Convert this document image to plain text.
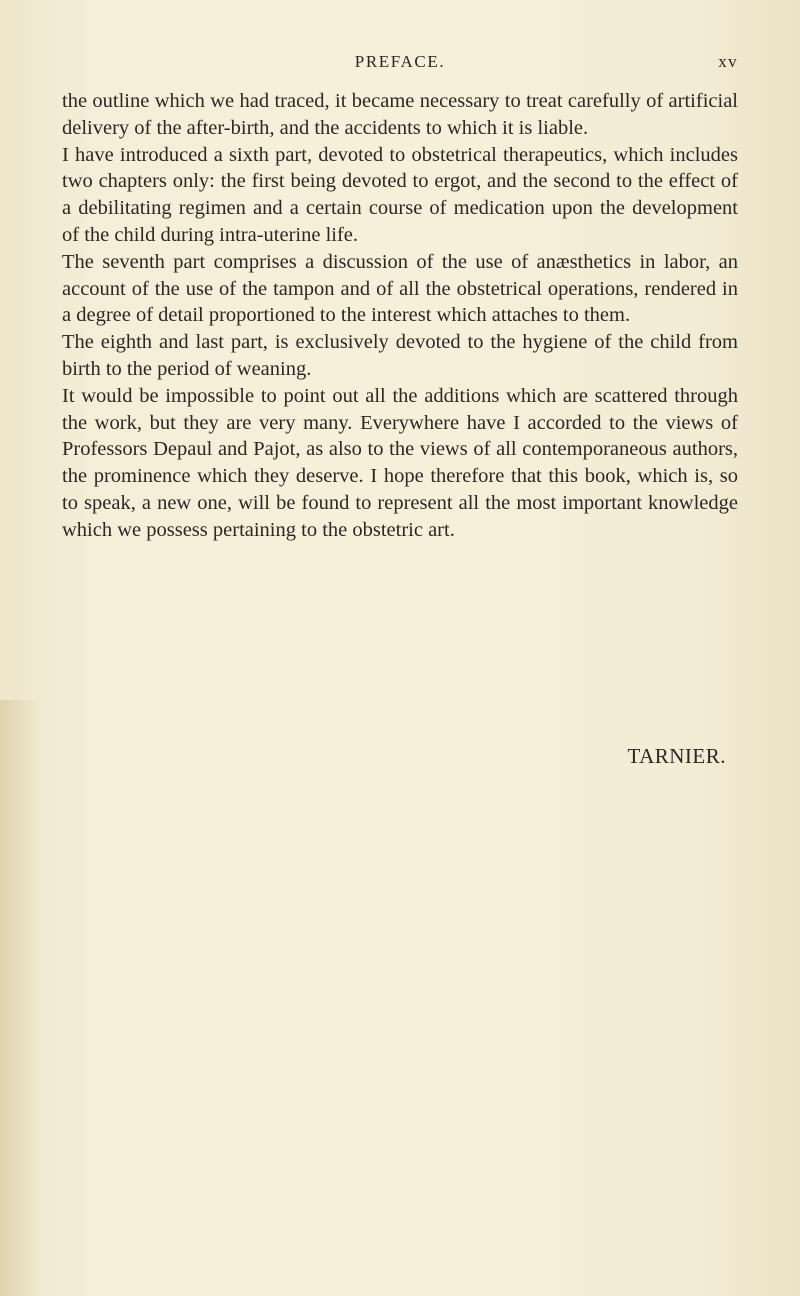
PREFACE.	xv

the outline which we had traced, it became necessary to treat carefully of artificial delivery of the after-birth, and the accidents to which it is liable.

I have introduced a sixth part, devoted to obstetrical therapeutics, which includes two chapters only: the first being devoted to ergot, and the second to the effect of a debilitating regimen and a certain course of medication upon the development of the child during intra-uterine life.

The seventh part comprises a discussion of the use of anæsthetics in labor, an account of the use of the tampon and of all the obstetrical operations, rendered in a degree of detail proportioned to the interest which attaches to them.

The eighth and last part, is exclusively devoted to the hygiene of the child from birth to the period of weaning.

It would be impossible to point out all the additions which are scattered through the work, but they are very many. Everywhere have I accorded to the views of Professors Depaul and Pajot, as also to the views of all contemporaneous authors, the prominence which they deserve. I hope therefore that this book, which is, so to speak, a new one, will be found to represent all the most important knowledge which we possess pertaining to the obstetric art.

TARNIER.
